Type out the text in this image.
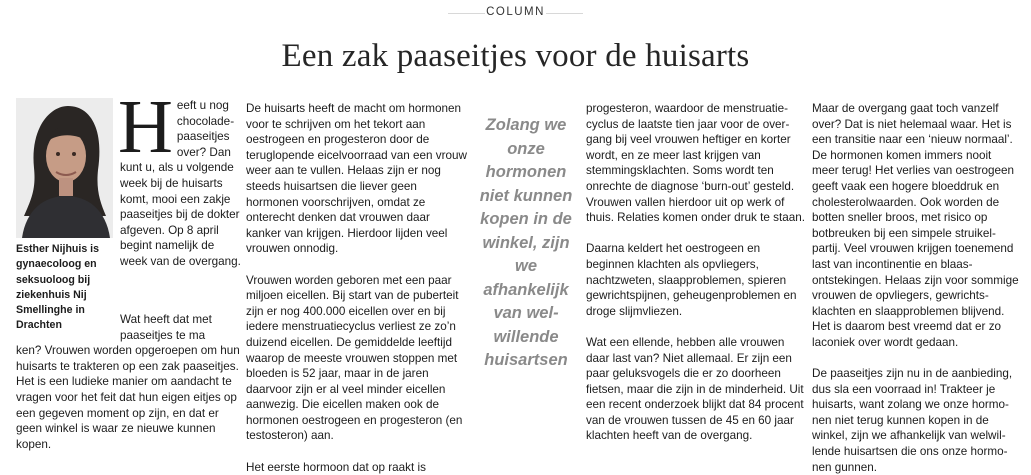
COLUMN
Een zak paaseitjes voor de huisarts
Esther Nijhuis is gynaecoloog en seksuoloog bij ziekenhuis Nij Smellinghe in Drachten
H eeft u nog chocoladepaaseitjes over? Dan kunt u, als u volgende week bij de huisarts komt, mooi een zakje paaseitjes bij de dokter afgeven. Op 8 april begint namelijk de week van de overgang.
Wat heeft dat met paaseitjes te ma
ken? Vrouwen worden opgeroepen om hun huisarts te trakteren op een zak paaseitjes. Het is een ludieke manier om aandacht te vragen voor het feit dat hun eigen eitjes op een gegeven moment op zijn, en dat er geen winkel is waar ze nieuwe kunnen kopen.

De huisarts heeft de macht om hormonen voor te schrijven om het tekort aan oestrogeen en progesteron door de teruglopende eicelvoorraad van een vrouw weer aan te vullen. Helaas zijn er nog steeds huisartsen die liever geen hormonen voorschrijven, omdat ze onterecht denken dat vrouwen daar kanker van krijgen. Hierdoor lijden veel vrouwen onnodig.

Vrouwen worden geboren met een paar miljoen eicellen. Bij start van de puberteit zijn er nog 400.000 eicellen over en bij iedere menstruatiecyclus verliest ze zo’n duizend eicellen. De gemiddelde leeftijd waarop de meeste vrouwen stoppen met bloeden is 52 jaar, maar in de jaren daarvoor zijn er al veel minder eicellen aanwezig. Die eicellen maken ook de hormonen oestrogeen en progesteron (en testosteron) aan.

Het eerste hormoon dat op raakt is

Zolang we onze hormonen niet kunnen kopen in de winkel, zijn we afhankelijk van welwillende huisartsen

progesteron, waardoor de menstruatiecyclus de laatste tien jaar voor de overgang bij veel vrouwen heftiger en korter wordt, en ze meer last krijgen van stemmingsklachten. Soms wordt ten onrechte de diagnose ‘burn-out’ gesteld. Vrouwen vallen hierdoor uit op werk of thuis. Relaties komen onder druk te staan.

Daarna keldert het oestrogeen en beginnen klachten als opvliegers, nachtzweten, slaapproblemen, spieren gewrichtspijnen, geheugenproblemen en droge slijmvliezen.

Wat een ellende, hebben alle vrouwen daar last van? Niet allemaal. Er zijn een paar geluksvogels die er zo doorheen fietsen, maar die zijn in de minderheid. Uit een recent onderzoek blijkt dat 84 procent van de vrouwen tussen de 45 en 60 jaar klachten heeft van de overgang.

Maar de overgang gaat toch vanzelf over? Dat is niet helemaal waar. Het is een transitie naar een ‘nieuw normaal’. De hormonen komen immers nooit meer terug! Het verlies van oestrogeen geeft vaak een hogere bloeddruk en cholesterolwaarden. Ook worden de botten sneller broos, met risico op botbreuken bij een simpele struikelpartij. Veel vrouwen krijgen toenemend last van incontinentie en blaasontstekingen. Helaas zijn voor sommige vrouwen de opvliegers, gewrichtsklachten en slaapproblemen blijvend. Het is daarom best vreemd dat er zo laconiek over wordt gedaan.

De paaseitjes zijn nu in de aanbieding, dus sla een voorraad in! Trakteer je huisarts, want zolang we onze hormonen niet terug kunnen kopen in de winkel, zijn we afhankelijk van welwillende huisartsen die ons onze hormonen gunnen.
